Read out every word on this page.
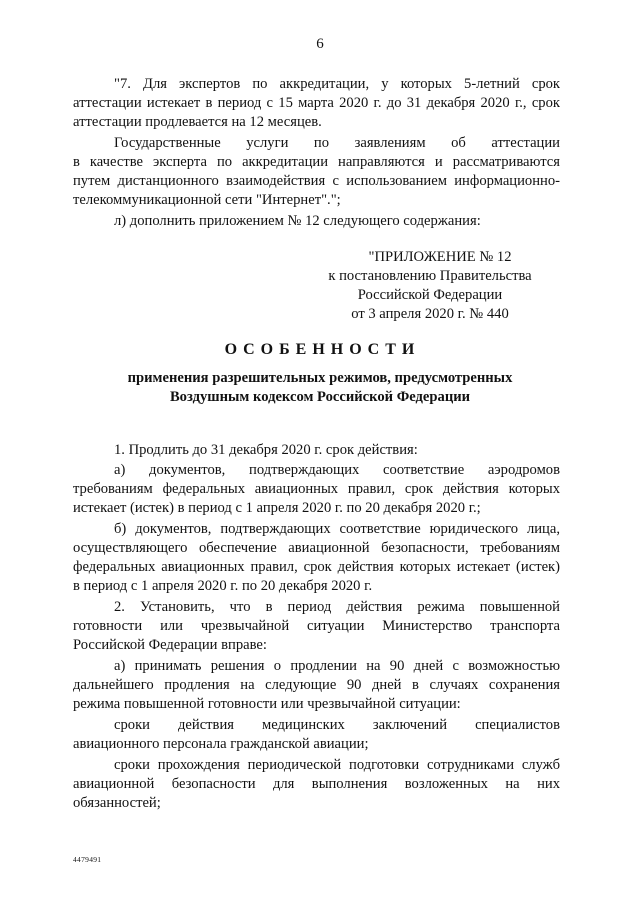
6
"7. Для экспертов по аккредитации, у которых 5-летний срок
аттестации истекает в период с 15 марта 2020 г. до 31 декабря 2020 г., срок
аттестации продлевается на 12 месяцев.
Государственные услуги по заявлениям об аттестации
в качестве эксперта по аккредитации направляются и рассматриваются
путем дистанционного взаимодействия с использованием информационно-
телекоммуникационной сети "Интернет".";
л) дополнить приложением № 12 следующего содержания:
"ПРИЛОЖЕНИЕ № 12
к постановлению Правительства
Российской Федерации
от 3 апреля 2020 г. № 440
О С О Б Е Н Н О С Т И
применения разрешительных режимов, предусмотренных
Воздушным кодексом Российской Федерации
1. Продлить до 31 декабря 2020 г. срок действия:
а) документов, подтверждающих соответствие аэродромов
требованиям федеральных авиационных правил, срок действия которых
истекает (истек) в период с 1 апреля 2020 г. по 20 декабря 2020 г.;
б) документов, подтверждающих соответствие юридического лица,
осуществляющего обеспечение авиационной безопасности, требованиям
федеральных авиационных правил, срок действия которых истекает (истек)
в период с 1 апреля 2020 г. по 20 декабря 2020 г.
2. Установить, что в период действия режима повышенной
готовности или чрезвычайной ситуации Министерство транспорта
Российской Федерации вправе:
а) принимать решения о продлении на 90 дней с возможностью
дальнейшего продления на следующие 90 дней в случаях сохранения
режима повышенной готовности или чрезвычайной ситуации:
сроки действия медицинских заключений специалистов
авиационного персонала гражданской авиации;
сроки прохождения периодической подготовки сотрудниками служб
авиационной безопасности для выполнения возложенных на них
обязанностей;
4479491
